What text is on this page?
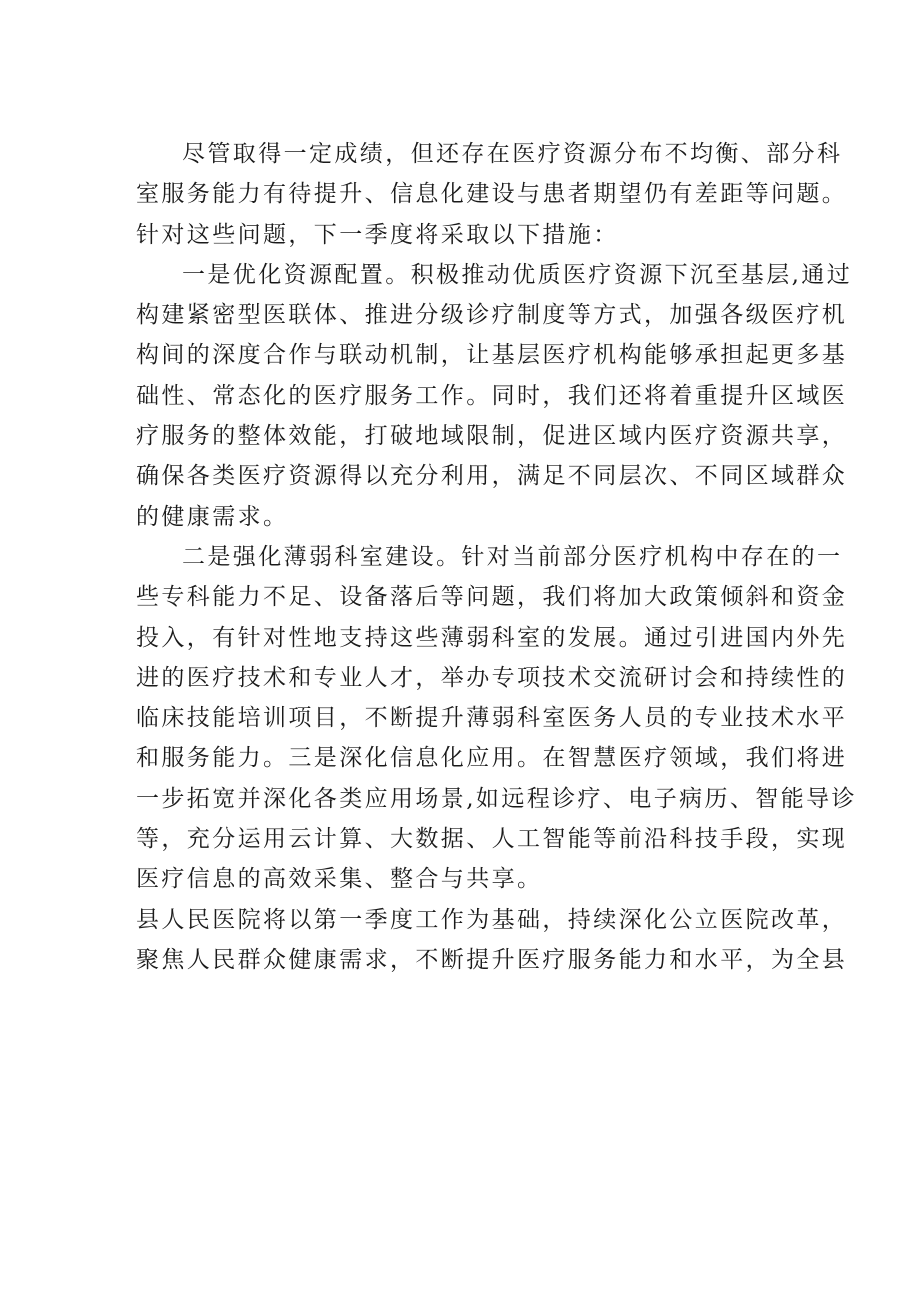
尽管取得一定成绩，但还存在医疗资源分布不均衡、部分科
室服务能力有待提升、信息化建设与患者期望仍有差距等问题。
针对这些问题，下一季度将采取以下措施：
一是优化资源配置。积极推动优质医疗资源下沉至基层,通过
构建紧密型医联体、推进分级诊疗制度等方式，加强各级医疗机
构间的深度合作与联动机制，让基层医疗机构能够承担起更多基
础性、常态化的医疗服务工作。同时，我们还将着重提升区域医
疗服务的整体效能，打破地域限制，促进区域内医疗资源共享，
确保各类医疗资源得以充分利用，满足不同层次、不同区域群众
的健康需求。
二是强化薄弱科室建设。针对当前部分医疗机构中存在的一
些专科能力不足、设备落后等问题，我们将加大政策倾斜和资金
投入，有针对性地支持这些薄弱科室的发展。通过引进国内外先
进的医疗技术和专业人才，举办专项技术交流研讨会和持续性的
临床技能培训项目，不断提升薄弱科室医务人员的专业技术水平
和服务能力。三是深化信息化应用。在智慧医疗领域，我们将进
一步拓宽并深化各类应用场景,如远程诊疗、电子病历、智能导诊
等，充分运用云计算、大数据、人工智能等前沿科技手段，实现
医疗信息的高效采集、整合与共享。
县人民医院将以第一季度工作为基础，持续深化公立医院改革，
聚焦人民群众健康需求，不断提升医疗服务能力和水平，为全县
